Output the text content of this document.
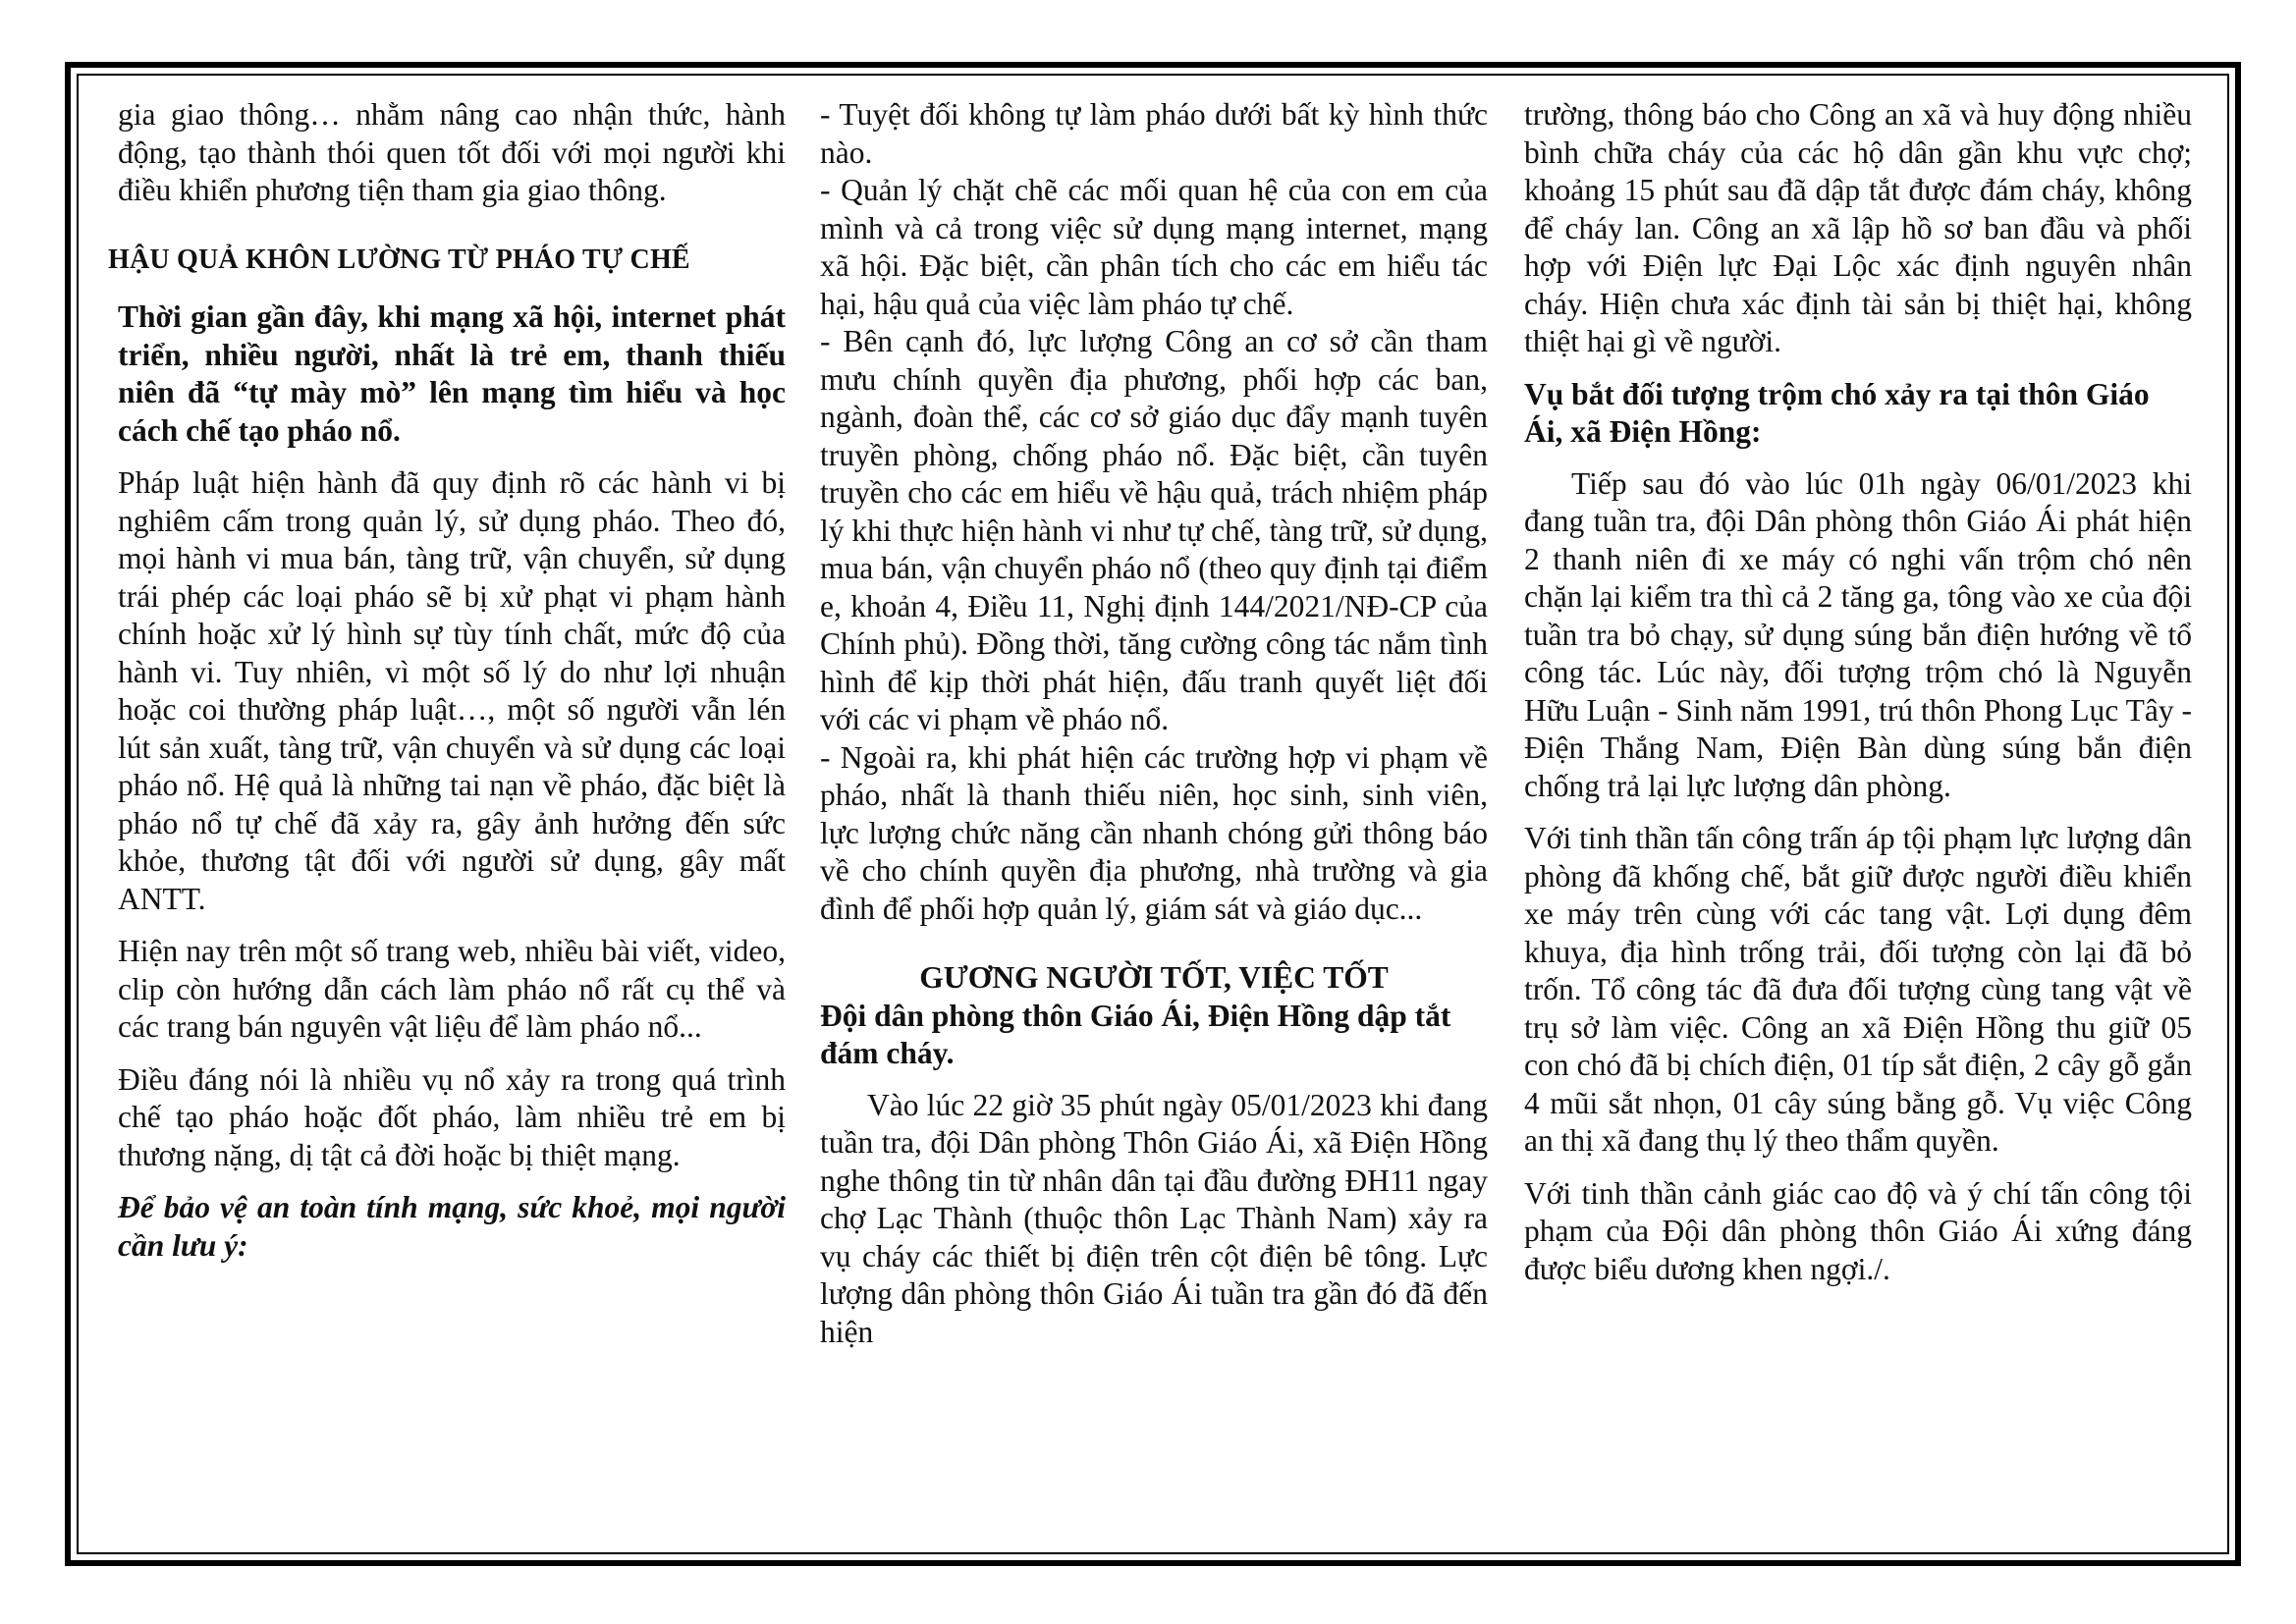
gia giao thông… nhằm nâng cao nhận thức, hành động, tạo thành thói quen tốt đối với mọi người khi điều khiển phương tiện tham gia giao thông.

HẬU QUẢ KHÔN LƯỜNG TỪ PHÁO TỰ CHẾ

Thời gian gần đây, khi mạng xã hội, internet phát triển, nhiều người, nhất là trẻ em, thanh thiếu niên đã “tự mày mò” lên mạng tìm hiểu và học cách chế tạo pháo nổ.

Pháp luật hiện hành đã quy định rõ các hành vi bị nghiêm cấm trong quản lý, sử dụng pháo. Theo đó, mọi hành vi mua bán, tàng trữ, vận chuyển, sử dụng trái phép các loại pháo sẽ bị xử phạt vi phạm hành chính hoặc xử lý hình sự tùy tính chất, mức độ của hành vi. Tuy nhiên, vì một số lý do như lợi nhuận hoặc coi thường pháp luật…, một số người vẫn lén lút sản xuất, tàng trữ, vận chuyển và sử dụng các loại pháo nổ. Hệ quả là những tai nạn về pháo, đặc biệt là pháo nổ tự chế đã xảy ra, gây ảnh hưởng đến sức khỏe, thương tật đối với người sử dụng, gây mất ANTT.

Hiện nay trên một số trang web, nhiều bài viết, video, clip còn hướng dẫn cách làm pháo nổ rất cụ thể và các trang bán nguyên vật liệu để làm pháo nổ...

Điều đáng nói là nhiều vụ nổ xảy ra trong quá trình chế tạo pháo hoặc đốt pháo, làm nhiều trẻ em bị thương nặng, dị tật cả đời hoặc bị thiệt mạng.

Để bảo vệ an toàn tính mạng, sức khoẻ, mọi người cần lưu ý:

- Tuyệt đối không tự làm pháo dưới bất kỳ hình thức nào.

- Quản lý chặt chẽ các mối quan hệ của con em của mình và cả trong việc sử dụng mạng internet, mạng xã hội. Đặc biệt, cần phân tích cho các em hiểu tác hại, hậu quả của việc làm pháo tự chế.

- Bên cạnh đó, lực lượng Công an cơ sở cần tham mưu chính quyền địa phương, phối hợp các ban, ngành, đoàn thể, các cơ sở giáo dục đẩy mạnh tuyên truyền phòng, chống pháo nổ. Đặc biệt, cần tuyên truyền cho các em hiểu về hậu quả, trách nhiệm pháp lý khi thực hiện hành vi như tự chế, tàng trữ, sử dụng, mua bán, vận chuyển pháo nổ (theo quy định tại điểm e, khoản 4, Điều 11, Nghị định 144/2021/NĐ-CP của Chính phủ). Đồng thời, tăng cường công tác nắm tình hình để kịp thời phát hiện, đấu tranh quyết liệt đối với các vi phạm về pháo nổ.

- Ngoài ra, khi phát hiện các trường hợp vi phạm về pháo, nhất là thanh thiếu niên, học sinh, sinh viên, lực lượng chức năng cần nhanh chóng gửi thông báo về cho chính quyền địa phương, nhà trường và gia đình để phối hợp quản lý, giám sát và giáo dục...

GƯƠNG NGƯỜI TỐT, VIỆC TỐT

Đội dân phòng thôn Giáo Ái, Điện Hồng dập tắt đám cháy.

Vào lúc 22 giờ 35 phút ngày 05/01/2023 khi đang tuần tra, đội Dân phòng Thôn Giáo Ái, xã Điện Hồng nghe thông tin từ nhân dân tại đầu đường ĐH11 ngay chợ Lạc Thành (thuộc thôn Lạc Thành Nam) xảy ra vụ cháy các thiết bị điện trên cột điện bê tông. Lực lượng dân phòng thôn Giáo Ái tuần tra gần đó đã đến hiện

trường, thông báo cho Công an xã và huy động nhiều bình chữa cháy của các hộ dân gần khu vực chợ; khoảng 15 phút sau đã dập tắt được đám cháy, không để cháy lan. Công an xã lập hồ sơ ban đầu và phối hợp với Điện lực Đại Lộc xác định nguyên nhân cháy. Hiện chưa xác định tài sản bị thiệt hại, không thiệt hại gì về người.

Vụ bắt đối tượng trộm chó xảy ra tại thôn Giáo Ái, xã Điện Hồng:

Tiếp sau đó vào lúc 01h ngày 06/01/2023 khi đang tuần tra, đội Dân phòng thôn Giáo Ái phát hiện 2 thanh niên đi xe máy có nghi vấn trộm chó nên chặn lại kiểm tra thì cả 2 tăng ga, tông vào xe của đội tuần tra bỏ chạy, sử dụng súng bắn điện hướng về tổ công tác. Lúc này, đối tượng trộm chó là Nguyễn Hữu Luận - Sinh năm 1991, trú thôn Phong Lục Tây - Điện Thắng Nam, Điện Bàn dùng súng bắn điện chống trả lại lực lượng dân phòng.

Với tinh thần tấn công trấn áp tội phạm lực lượng dân phòng đã khống chế, bắt giữ được người điều khiển xe máy trên cùng với các tang vật. Lợi dụng đêm khuya, địa hình trống trải, đối tượng còn lại đã bỏ trốn. Tổ công tác đã đưa đối tượng cùng tang vật về trụ sở làm việc. Công an xã Điện Hồng thu giữ 05 con chó đã bị chích điện, 01 típ sắt điện, 2 cây gỗ gắn 4 mũi sắt nhọn, 01 cây súng bằng gỗ. Vụ việc Công an thị xã đang thụ lý theo thẩm quyền.

Với tinh thần cảnh giác cao độ và ý chí tấn công tội phạm của Đội dân phòng thôn Giáo Ái xứng đáng được biểu dương khen ngợi./.
